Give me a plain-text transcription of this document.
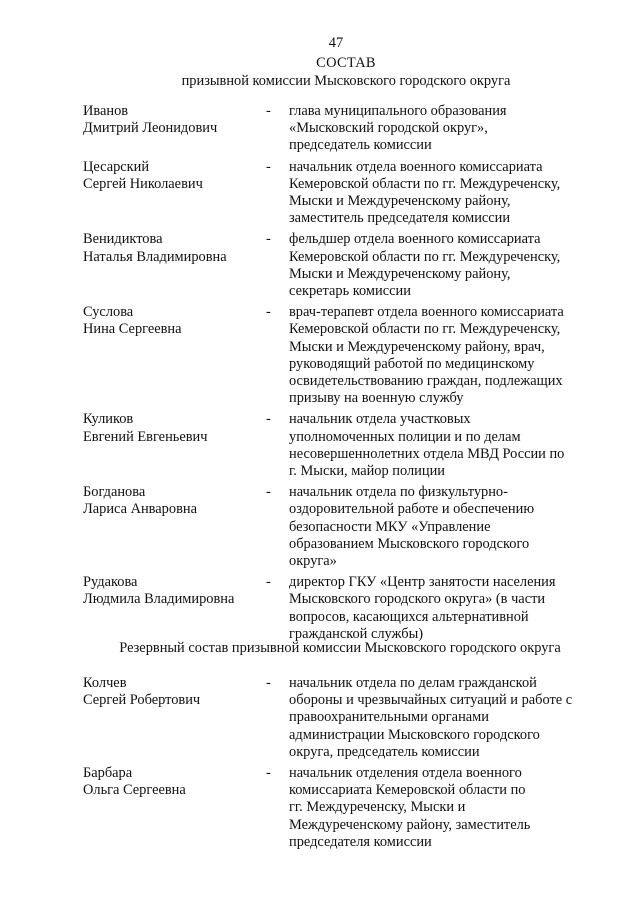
47
СОСТАВ
призывной комиссии Мысковского городского округа
Иванов
Дмитрий Леонидович
- глава муниципального образования
«Мысковский городской округ»,
председатель комиссии
Цесарский
Сергей Николаевич
- начальник отдела военного комиссариата
Кемеровской области по гг. Междуреченску,
Мыски и Междуреченскому району,
заместитель председателя комиссии
Венидиктова
Наталья Владимировна
- фельдшер отдела военного комиссариата
Кемеровской области по гг. Междуреченску,
Мыски и Междуреченскому району,
секретарь комиссии
Суслова
Нина Сергеевна
- врач-терапевт отдела военного комиссариата
Кемеровской области по гг. Междуреченску,
Мыски и Междуреченскому району, врач,
руководящий работой по медицинскому
освидетельствованию граждан, подлежащих
призыву на военную службу
Куликов
Евгений Евгеньевич
- начальник отдела участковых
уполномоченных полиции и по делам
несовершеннолетних отдела МВД России по
г. Мыски, майор полиции
Богданова
Лариса Анваровна
- начальник отдела по физкультурно-
оздоровительной работе и обеспечению
безопасности МКУ «Управление
образованием Мысковского городского
округа»
Рудакова
Людмила Владимировна
- директор ГКУ «Центр занятости населения
Мысковского городского округа» (в части
вопросов, касающихся альтернативной
гражданской службы)
Резервный состав призывной комиссии Мысковского городского округа
Колчев
Сергей Робертович
- начальник отдела по делам гражданской
обороны и чрезвычайных ситуаций и работе с
правоохранительными органами
администрации Мысковского городского
округа, председатель комиссии
Барбара
Ольга Сергеевна
- начальник отделения отдела военного
комиссариата Кемеровской области по
гг. Междуреченску, Мыски и
Междуреченскому району, заместитель
председателя комиссии
